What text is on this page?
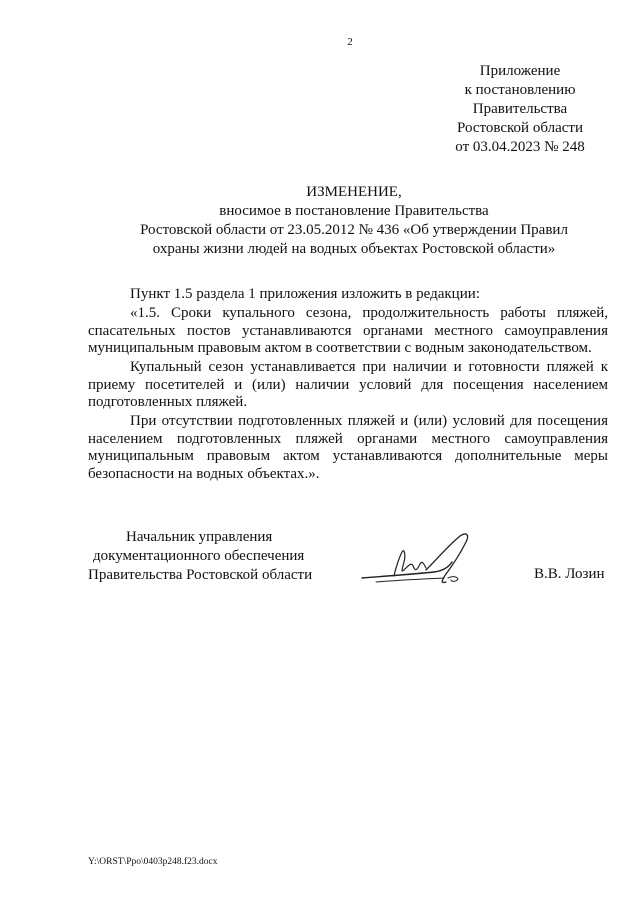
2
Приложение
к постановлению
Правительства
Ростовской области
от 03.04.2023 № 248
ИЗМЕНЕНИЕ,
вносимое в постановление Правительства
Ростовской области от 23.05.2012 № 436 «Об утверждении Правил
охраны жизни людей на водных объектах Ростовской области»

Пункт 1.5 раздела 1 приложения изложить в редакции:

«1.5. Сроки купального сезона, продолжительность работы пляжей, спасательных постов устанавливаются органами местного самоуправления муниципальным правовым актом в соответствии с водным законодательством.

Купальный сезон устанавливается при наличии и готовности пляжей к приему посетителей и (или) наличии условий для посещения населением подготовленных пляжей.

При отсутствии подготовленных пляжей и (или) условий для посещения населением подготовленных пляжей органами местного самоуправления муниципальным правовым актом устанавливаются дополнительные меры безопасности на водных объектах.».

Начальник управления
документационного обеспечения
Правительства Ростовской области	В.В. Лозин
Y:\ORST\Ppo\0403p248.f23.docx
